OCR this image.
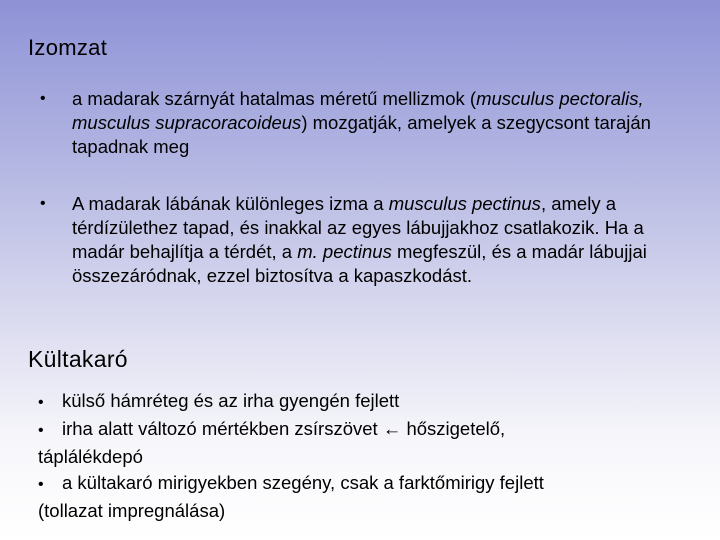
Izomzat
• a madarak szárnyát hatalmas méretű mellizmok (musculus pectoralis, musculus supracoracoideus) mozgatják, amelyek a szegycsont taraján tapadnak meg
• A madarak lábának különleges izma a musculus pectinus, amely a térdízülethez tapad, és inakkal az egyes lábujjakhoz csatlakozik. Ha a madár behajlítja a térdét, a m. pectinus megfeszül, és a madár lábujjai összezáródnak, ezzel biztosítva a kapaszkodást.
Kültakaró
• külső hámréteg és az irha gyengén fejlett
• irha alatt változó mértékben zsírszövet ← hőszigetelő,
táplálékdepó
• a kültakaró mirigyekben szegény, csak a farktőmirigy fejlett
(tollazat impregnálása)
